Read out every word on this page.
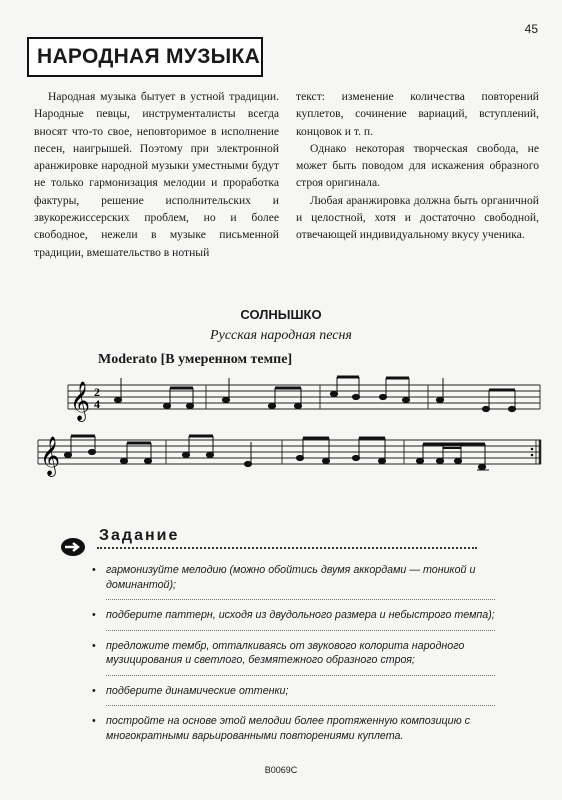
45
НАРОДНАЯ МУЗЫКА

Народная музыка бытует в устной традиции. Народные певцы, инструменталисты всегда вносят что-то свое, неповторимое в исполнение песен, наигрышей. Поэтому при электронной аранжировке народной музыки уместными будут не только гармонизация мелодии и проработка фактуры, решение исполнительских и звукорежиссерских проблем, но и более свободное, нежели в музыке письменной традиции, вмешательство в нотный

текст: изменение количества повторений куплетов, сочинение вариаций, вступлений, концовок и т. п.

Однако некоторая творческая свобода, не может быть поводом для искажения образного строя оригинала.

Любая аранжировка должна быть органичной и целостной, хотя и достаточно свободной, отвечающей индивидуальному вкусу ученика.

СОЛНЫШКО
Русская народная песня
Moderato [В умеренном темпе]
𝄞 2
4
𝄞
Задание
• гармонизуйте мелодию (можно обойтись двумя аккордами — тоникой и доминантой);
• подберите паттерн, исходя из двудольного размера и небыстрого темпа);
• предложите тембр, отталкиваясь от звукового колорита народного музицирования и светлого, безмятежного образного строя;
• подберите динамические оттенки;
• постройте на основе этой мелодии более протяженную композицию с многократными варьированными повторениями куплета.
B0069C
